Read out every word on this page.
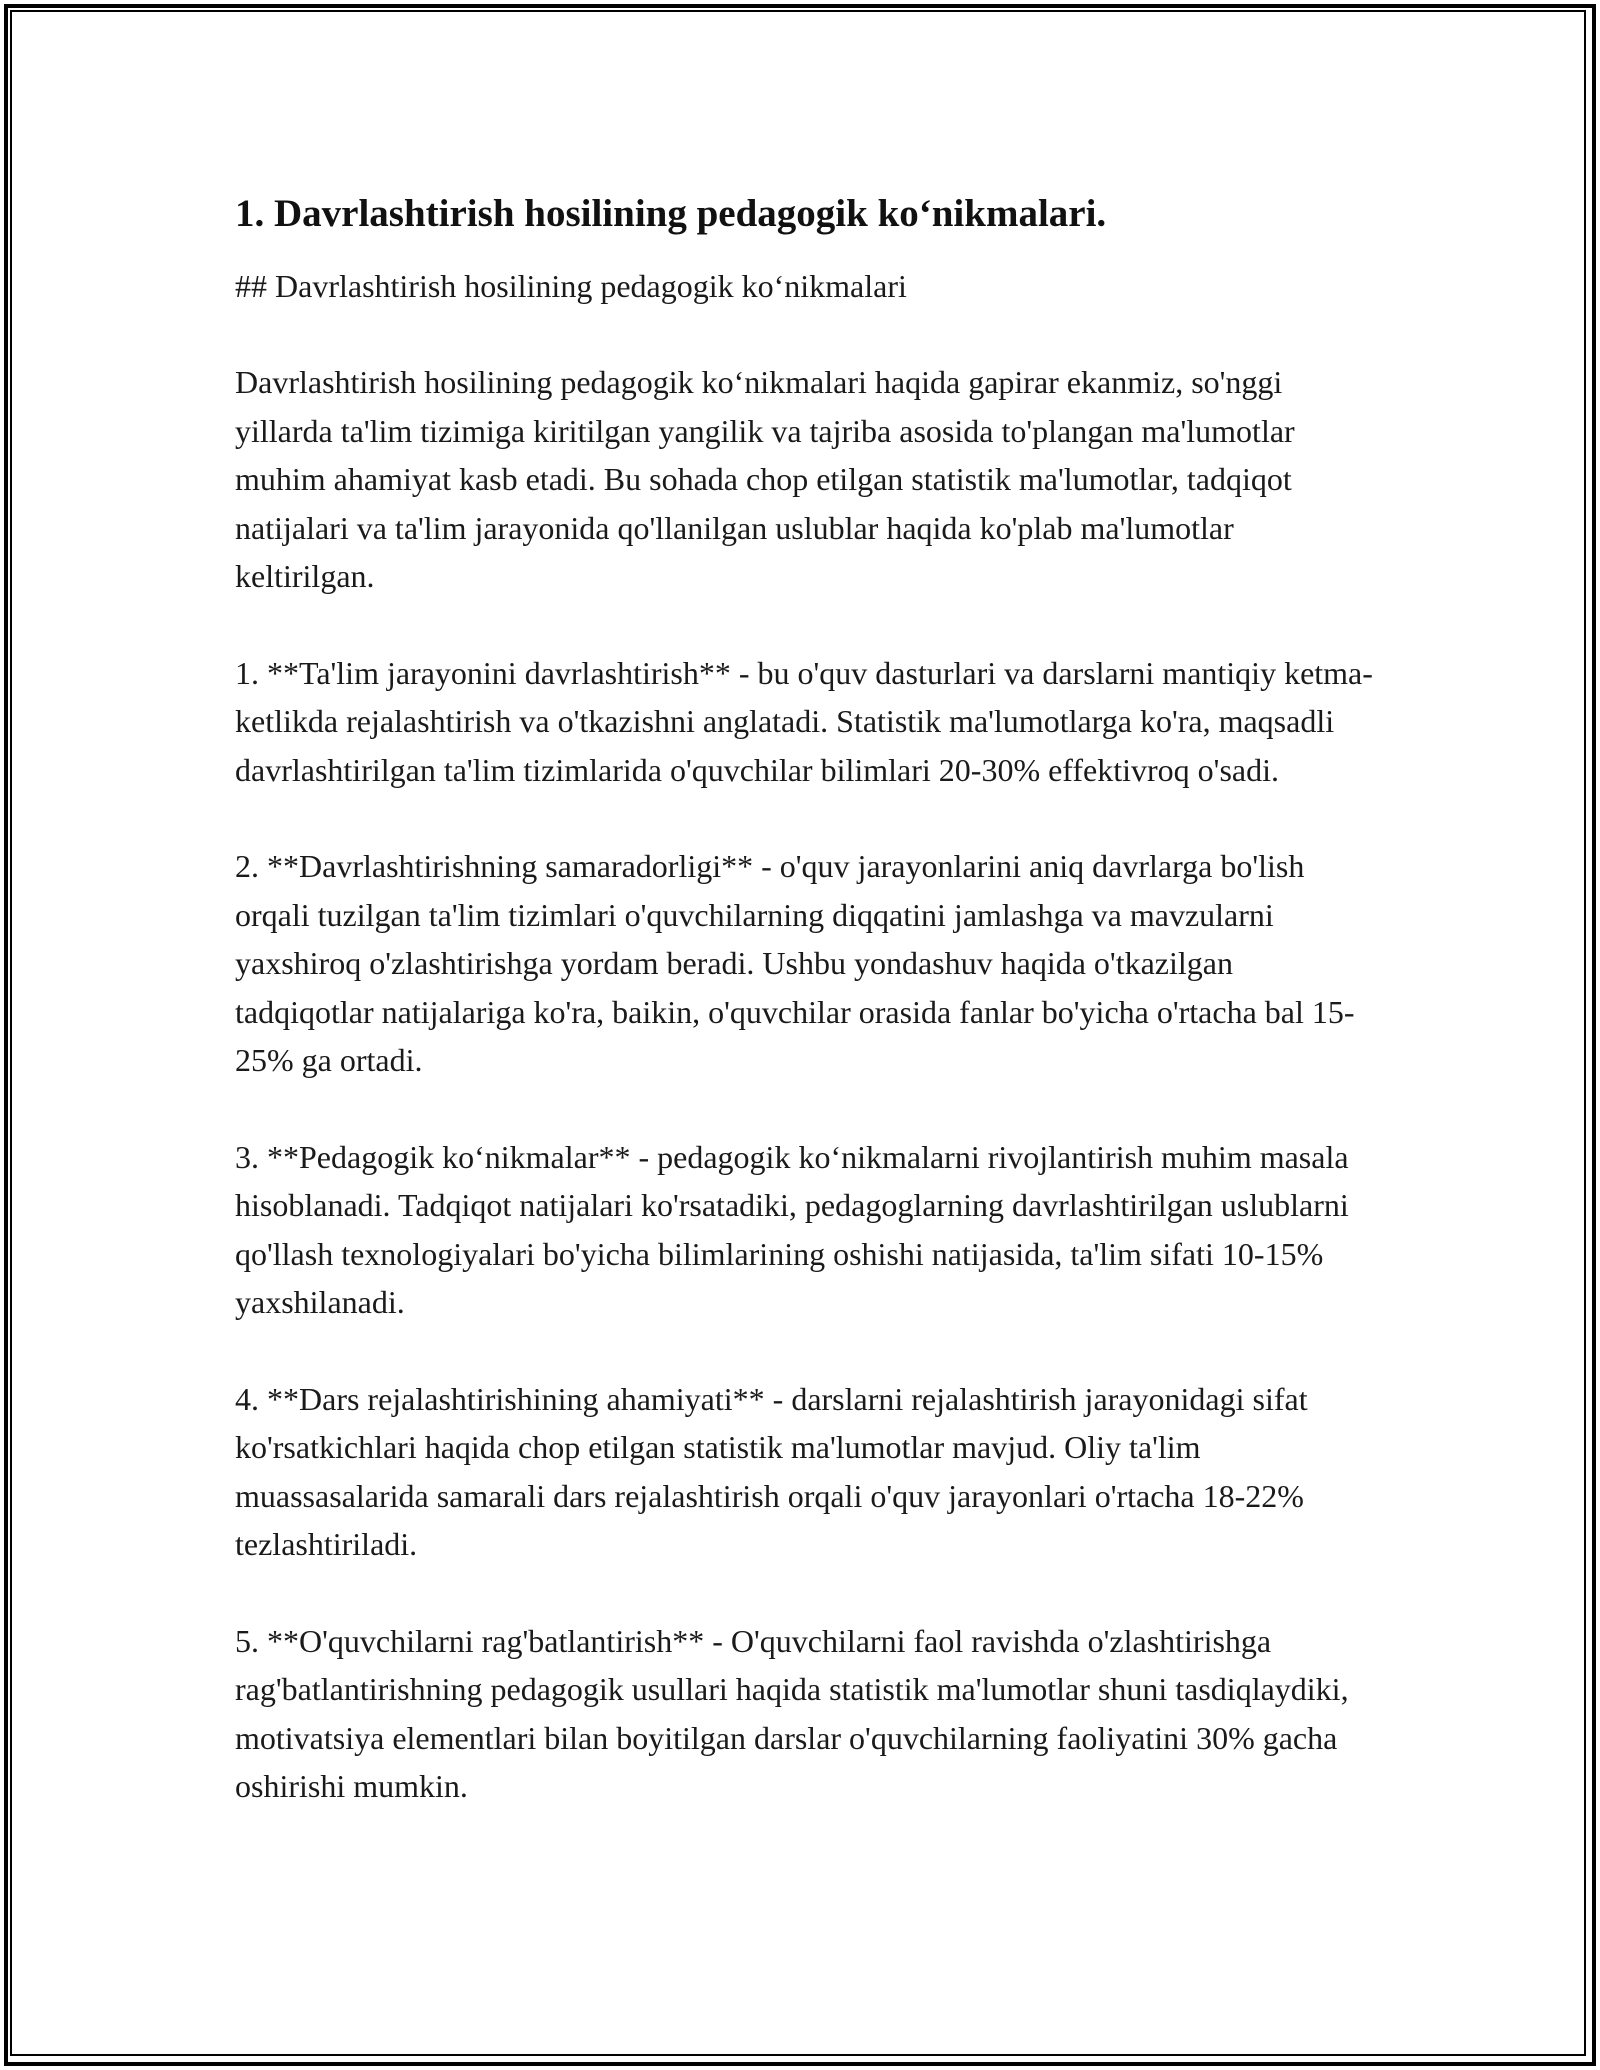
1. Davrlashtirish hosilining pedagogik ko‘nikmalari.
## Davrlashtirish hosilining pedagogik ko‘nikmalari

Davrlashtirish hosilining pedagogik ko‘nikmalari haqida gapirar ekanmiz, so'nggi yillarda ta'lim tizimiga kiritilgan yangilik va tajriba asosida to'plangan ma'lumotlar muhim ahamiyat kasb etadi. Bu sohada chop etilgan statistik ma'lumotlar, tadqiqot natijalari va ta'lim jarayonida qo'llanilgan uslublar haqida ko'plab ma'lumotlar keltirilgan.

1. **Ta'lim jarayonini davrlashtirish** - bu o'quv dasturlari va darslarni mantiqiy ketma-ketlikda rejalashtirish va o'tkazishni anglatadi. Statistik ma'lumotlarga ko'ra, maqsadli davrlashtirilgan ta'lim tizimlarida o'quvchilar bilimlari 20-30% effektivroq o'sadi.

2. **Davrlashtirishning samaradorligi** - o'quv jarayonlarini aniq davrlarga bo'lish orqali tuzilgan ta'lim tizimlari o'quvchilarning diqqatini jamlashga va mavzularni yaxshiroq o'zlashtirishga yordam beradi. Ushbu yondashuv haqida o'tkazilgan tadqiqotlar natijalariga ko'ra, baikin, o'quvchilar orasida fanlar bo'yicha o'rtacha bal 15-25% ga ortadi.

3. **Pedagogik ko‘nikmalar** - pedagogik ko‘nikmalarni rivojlantirish muhim masala hisoblanadi. Tadqiqot natijalari ko'rsatadiki, pedagoglarning davrlashtirilgan uslublarni qo'llash texnologiyalari bo'yicha bilimlarining oshishi natijasida, ta'lim sifati 10-15% yaxshilanadi.

4. **Dars rejalashtirishining ahamiyati** - darslarni rejalashtirish jarayonidagi sifat ko'rsatkichlari haqida chop etilgan statistik ma'lumotlar mavjud. Oliy ta'lim muassasalarida samarali dars rejalashtirish orqali o'quv jarayonlari o'rtacha 18-22% tezlashtiriladi.

5. **O'quvchilarni rag'batlantirish** - O'quvchilarni faol ravishda o'zlashtirishga rag'batlantirishning pedagogik usullari haqida statistik ma'lumotlar shuni tasdiqlaydiki, motivatsiya elementlari bilan boyitilgan darslar o'quvchilarning faoliyatini 30% gacha oshirishi mumkin.
